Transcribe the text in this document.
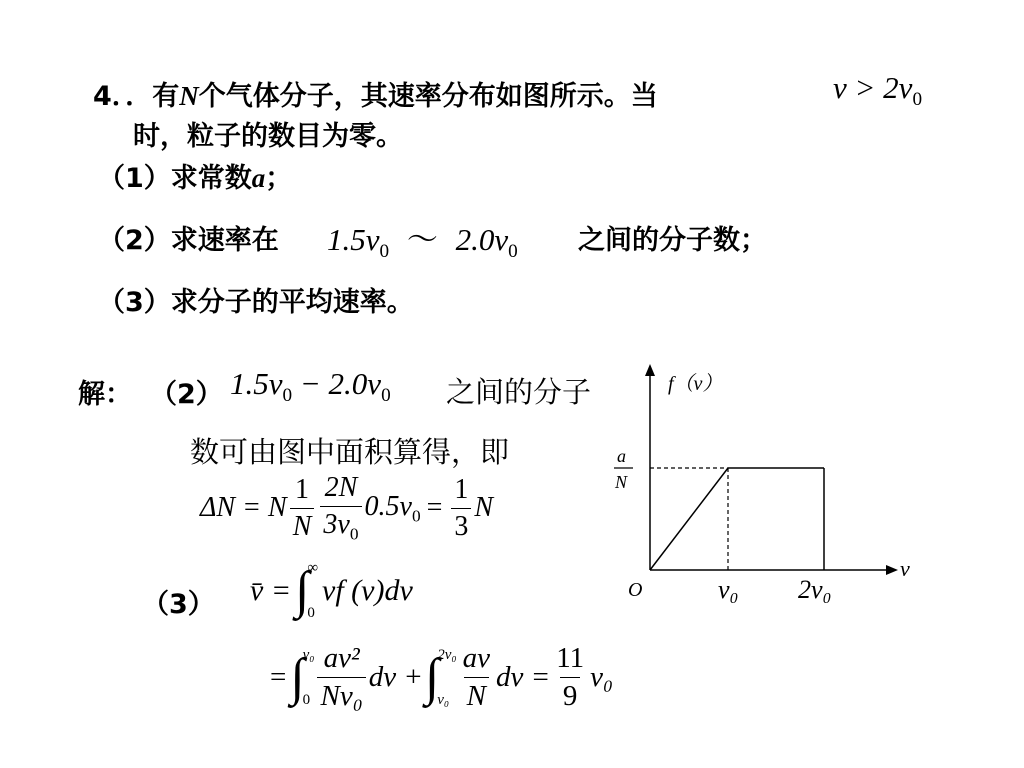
4．．有N个气体分子，其速率分布如图所示。当	$v > 2v_0$
时，粒子的数目为零。
（1）求常数a；
（2）求速率在 $1.5v_0$ ～ $2.0v_0$ 之间的分子数；
（3）求分子的平均速率。
解： （2） $1.5v_0 - 2.0v_0$ 之间的分子
数可由图中面积算得，即
ΔN = N $\frac{1}{N} \frac{2N}{3v_0} 0.5v_0 = \frac{1}{3}$ N
（3） v̄ = ∫
∞
0
vf (v)dv
= ∫
v₀
$0 \frac{\text{av²}}{\text{Nv₀}}$ dv + ∫
2v₀
$v_0 \frac{av}{N}$ dv = $\frac{11}{9} v_0$
f（v）
v
O
a
N
v₀ 2v₀
